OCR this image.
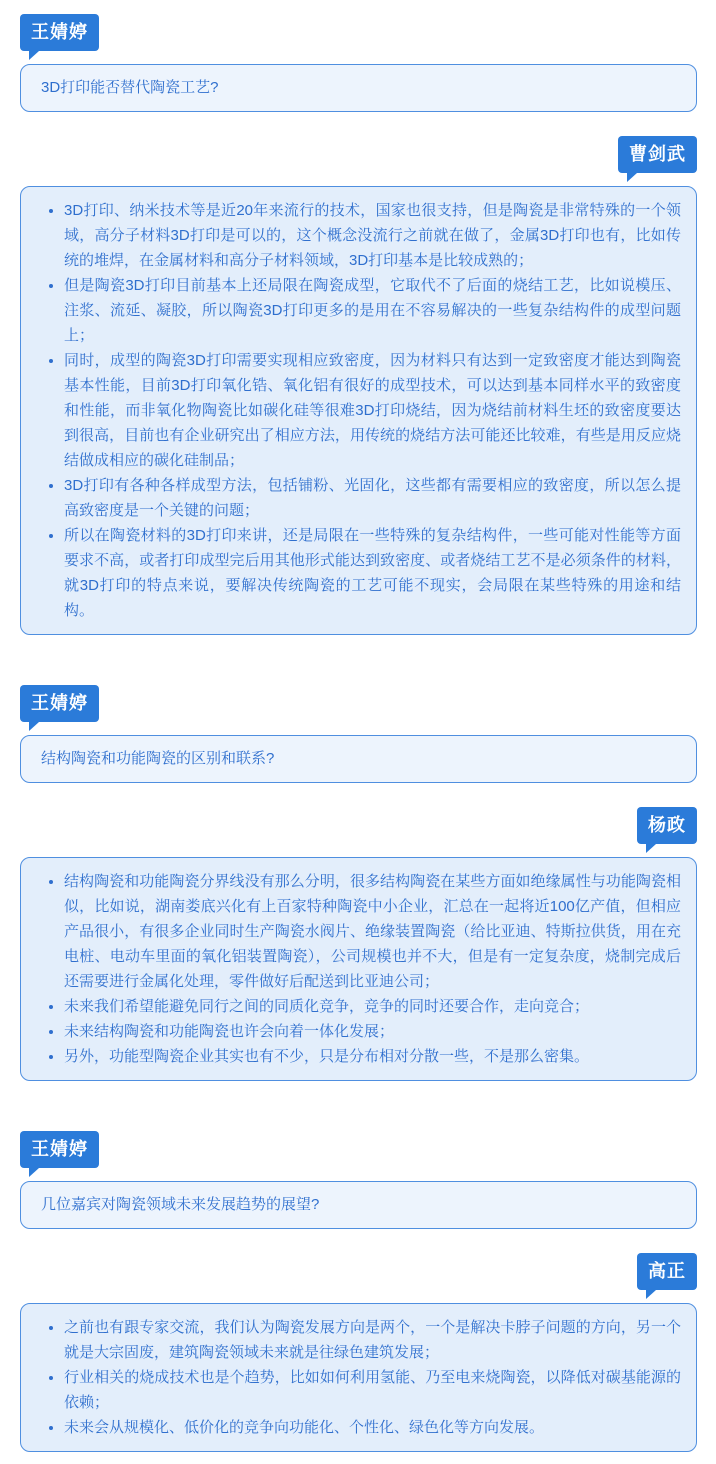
王婧婷

3D打印能否替代陶瓷工艺?

曹剑武
• 3D打印、纳米技术等是近20年来流行的技术，国家也很支持，但是陶瓷是非常特殊的一个领域，高分子材料3D打印是可以的，这个概念没流行之前就在做了，金属3D打印也有，比如传统的堆焊，在金属材料和高分子材料领域，3D打印基本是比较成熟的；
• 但是陶瓷3D打印目前基本上还局限在陶瓷成型，它取代不了后面的烧结工艺，比如说模压、注浆、流延、凝胶，所以陶瓷3D打印更多的是用在不容易解决的一些复杂结构件的成型问题上；
• 同时，成型的陶瓷3D打印需要实现相应致密度，因为材料只有达到一定致密度才能达到陶瓷基本性能，目前3D打印氧化锆、氧化铝有很好的成型技术，可以达到基本同样水平的致密度和性能，而非氧化物陶瓷比如碳化硅等很难3D打印烧结，因为烧结前材料生坯的致密度要达到很高，目前也有企业研究出了相应方法，用传统的烧结方法可能还比较难，有些是用反应烧结做成相应的碳化硅制品；
• 3D打印有各种各样成型方法，包括铺粉、光固化，这些都有需要相应的致密度，所以怎么提高致密度是一个关键的问题；
• 所以在陶瓷材料的3D打印来讲，还是局限在一些特殊的复杂结构件，一些可能对性能等方面要求不高，或者打印成型完后用其他形式能达到致密度、或者烧结工艺不是必须条件的材料，就3D打印的特点来说，要解决传统陶瓷的工艺可能不现实，会局限在某些特殊的用途和结构。
王婧婷

结构陶瓷和功能陶瓷的区别和联系?

杨政
• 结构陶瓷和功能陶瓷分界线没有那么分明，很多结构陶瓷在某些方面如绝缘属性与功能陶瓷相似，比如说，湖南娄底兴化有上百家特种陶瓷中小企业，汇总在一起将近100亿产值，但相应产品很小，有很多企业同时生产陶瓷水阀片、绝缘装置陶瓷（给比亚迪、特斯拉供货，用在充电桩、电动车里面的氧化铝装置陶瓷），公司规模也并不大，但是有一定复杂度，烧制完成后还需要进行金属化处理，零件做好后配送到比亚迪公司；
• 未来我们希望能避免同行之间的同质化竞争，竞争的同时还要合作，走向竞合；
• 未来结构陶瓷和功能陶瓷也许会向着一体化发展；
• 另外，功能型陶瓷企业其实也有不少，只是分布相对分散一些，不是那么密集。
王婧婷

几位嘉宾对陶瓷领域未来发展趋势的展望?

高正
• 之前也有跟专家交流，我们认为陶瓷发展方向是两个，一个是解决卡脖子问题的方向，另一个就是大宗固废，建筑陶瓷领域未来就是往绿色建筑发展；
• 行业相关的烧成技术也是个趋势，比如如何利用氢能、乃至电来烧陶瓷，以降低对碳基能源的依赖；
• 未来会从规模化、低价化的竞争向功能化、个性化、绿色化等方向发展。
